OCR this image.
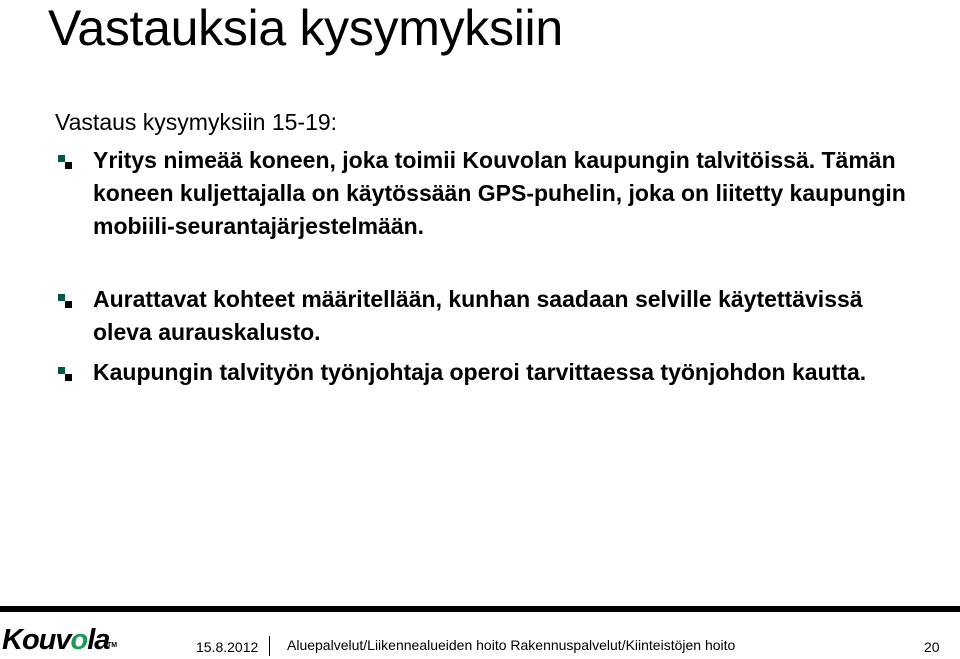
Vastauksia kysymyksiin
Vastaus kysymyksiin 15-19:
Yritys nimeää koneen, joka toimii Kouvolan kaupungin talvitöissä. Tämän koneen kuljettajalla on käytössään GPS-puhelin, joka on liitetty kaupungin mobiili-seurantajärjestelmään.
Aurattavat kohteet määritellään, kunhan saadaan selville käytettävissä oleva aurauskalusto.
Kaupungin talvityön työnjohtaja operoi tarvittaessa työnjohdon kautta.
Kouvola
TM	15.8.2012 Aluepalvelut/Liikennealueiden hoito Rakennuspalvelut/Kiinteistöjen hoito	20
